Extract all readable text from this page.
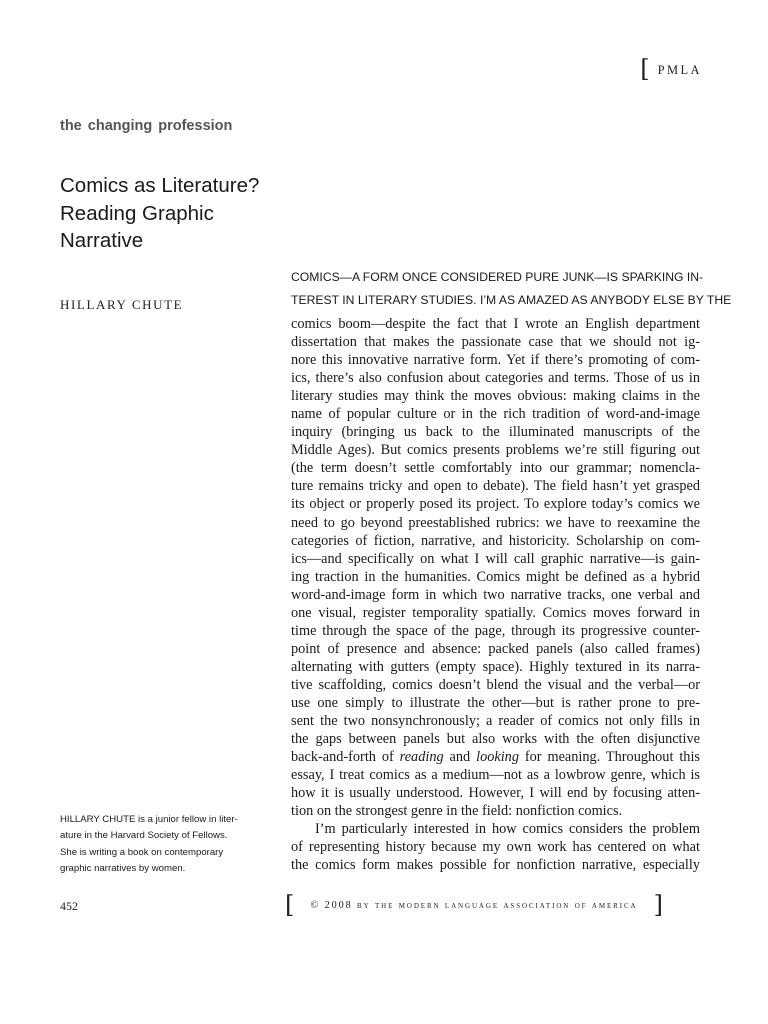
[ PMLA
the changing profession
Comics as Literature?
Reading Graphic
Narrative
HILLARY CHUTE
COMICS—A FORM ONCE CONSIDERED PURE JUNK—IS SPARKING IN-
TEREST IN LITERARY STUDIES. I’M AS AMAZED AS ANYBODY ELSE BY THE
comics boom—despite the fact that I wrote an English department
dissertation that makes the passionate case that we should not ig-
nore this innovative narrative form. Yet if there’s promoting of com-
ics, there’s also confusion about categories and terms. Those of us in
literary studies may think the moves obvious: making claims in the
name of popular culture or in the rich tradition of word-and-image
inquiry (bringing us back to the illuminated manuscripts of the
Middle Ages). But comics presents problems we’re still figuring out
(the term doesn’t settle comfortably into our grammar; nomencla-
ture remains tricky and open to debate). The field hasn’t yet grasped
its object or properly posed its project. To explore today’s comics we
need to go beyond preestablished rubrics: we have to reexamine the
categories of fiction, narrative, and historicity. Scholarship on com-
ics—and specifically on what I will call graphic narrative—is gain-
ing traction in the humanities. Comics might be defined as a hybrid
word-and-image form in which two narrative tracks, one verbal and
one visual, register temporality spatially. Comics moves forward in
time through the space of the page, through its progressive counter-
point of presence and absence: packed panels (also called frames)
alternating with gutters (empty space). Highly textured in its narra-
tive scaffolding, comics doesn’t blend the visual and the verbal—or
use one simply to illustrate the other—but is rather prone to pre-
sent the two nonsynchronously; a reader of comics not only fills in
the gaps between panels but also works with the often disjunctive
back-and-forth of reading and looking for meaning. Throughout this
essay, I treat comics as a medium—not as a lowbrow genre, which is
how it is usually understood. However, I will end by focusing atten-
tion on the strongest genre in the field: nonfiction comics.
I’m particularly interested in how comics considers the problem
of representing history because my own work has centered on what
the comics form makes possible for nonfiction narrative, especially
HILLARY CHUTE is a junior fellow in liter-
ature in the Harvard Society of Fellows.
She is writing a book on contemporary
graphic narratives by women.
452	[ © 2008 by the modern language association of america ]
